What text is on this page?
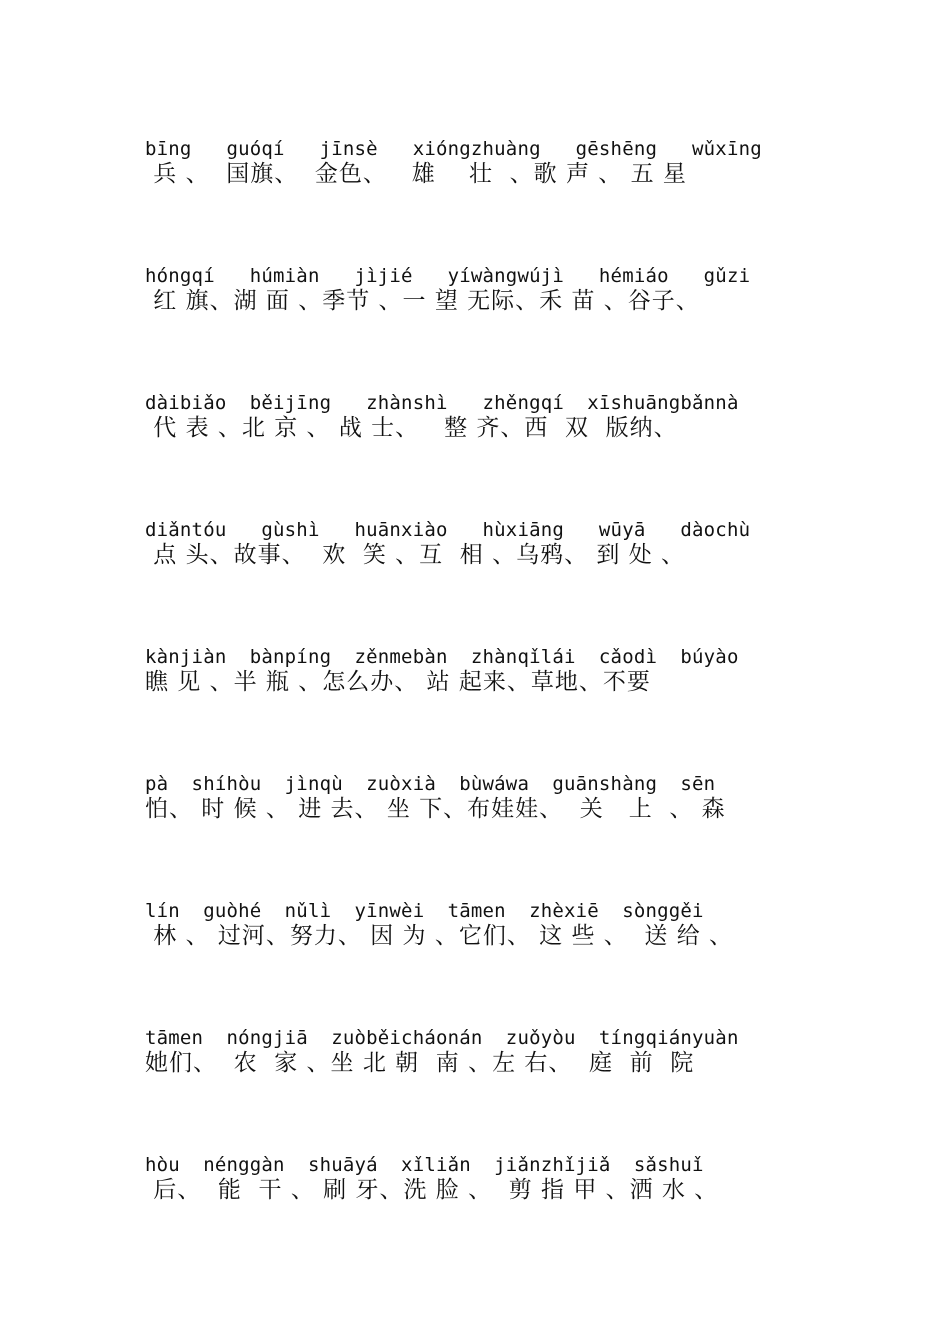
bīng   guóqí   jīnsè   xióngzhuàng   gēshēng   wǔxīng
兵 、  国旗、  金色、   雄    壮  、歌 声 、 五 星
hóngqí   húmiàn   jìjié   yíwàngwújì   hémiáo   gǔzi
红 旗、湖 面 、季节 、一 望 无际、禾 苗 、谷子、
dàibiǎo  běijīng   zhànshì   zhěngqí  xīshuāngbǎnnà
代 表 、北 京 、 战 士、   整 齐、西  双  版纳、
diǎntóu   gùshì   huānxiào   hùxiāng   wūyā   dàochù
点 头、故事、  欢  笑 、互  相 、乌鸦、 到 处 、
kànjiàn  bànpíng  zěnmebàn  zhànqǐlái  cǎodì  búyào
瞧 见 、半 瓶 、怎么办、 站 起来、草地、不要
pà  shíhòu  jìnqù  zuòxià  bùwáwa  guānshàng  sēn
怕、 时 候 、 进 去、 坐 下、布娃娃、  关   上  、 森
lín  guòhé  nǔlì  yīnwèi  tāmen  zhèxiē  sònggěi
林 、 过河、努力、 因 为 、它们、 这 些 、  送 给 、
tāmen  nóngjiā  zuòběicháonán  zuǒyòu  tíngqiányuàn
她们、  农  家 、坐 北 朝  南 、左 右、  庭  前  院
hòu  nénggàn  shuāyá  xǐliǎn  jiǎnzhǐjiǎ  sǎshuǐ
后、  能  干 、 刷 牙、洗 脸 、  剪 指 甲 、洒 水 、
